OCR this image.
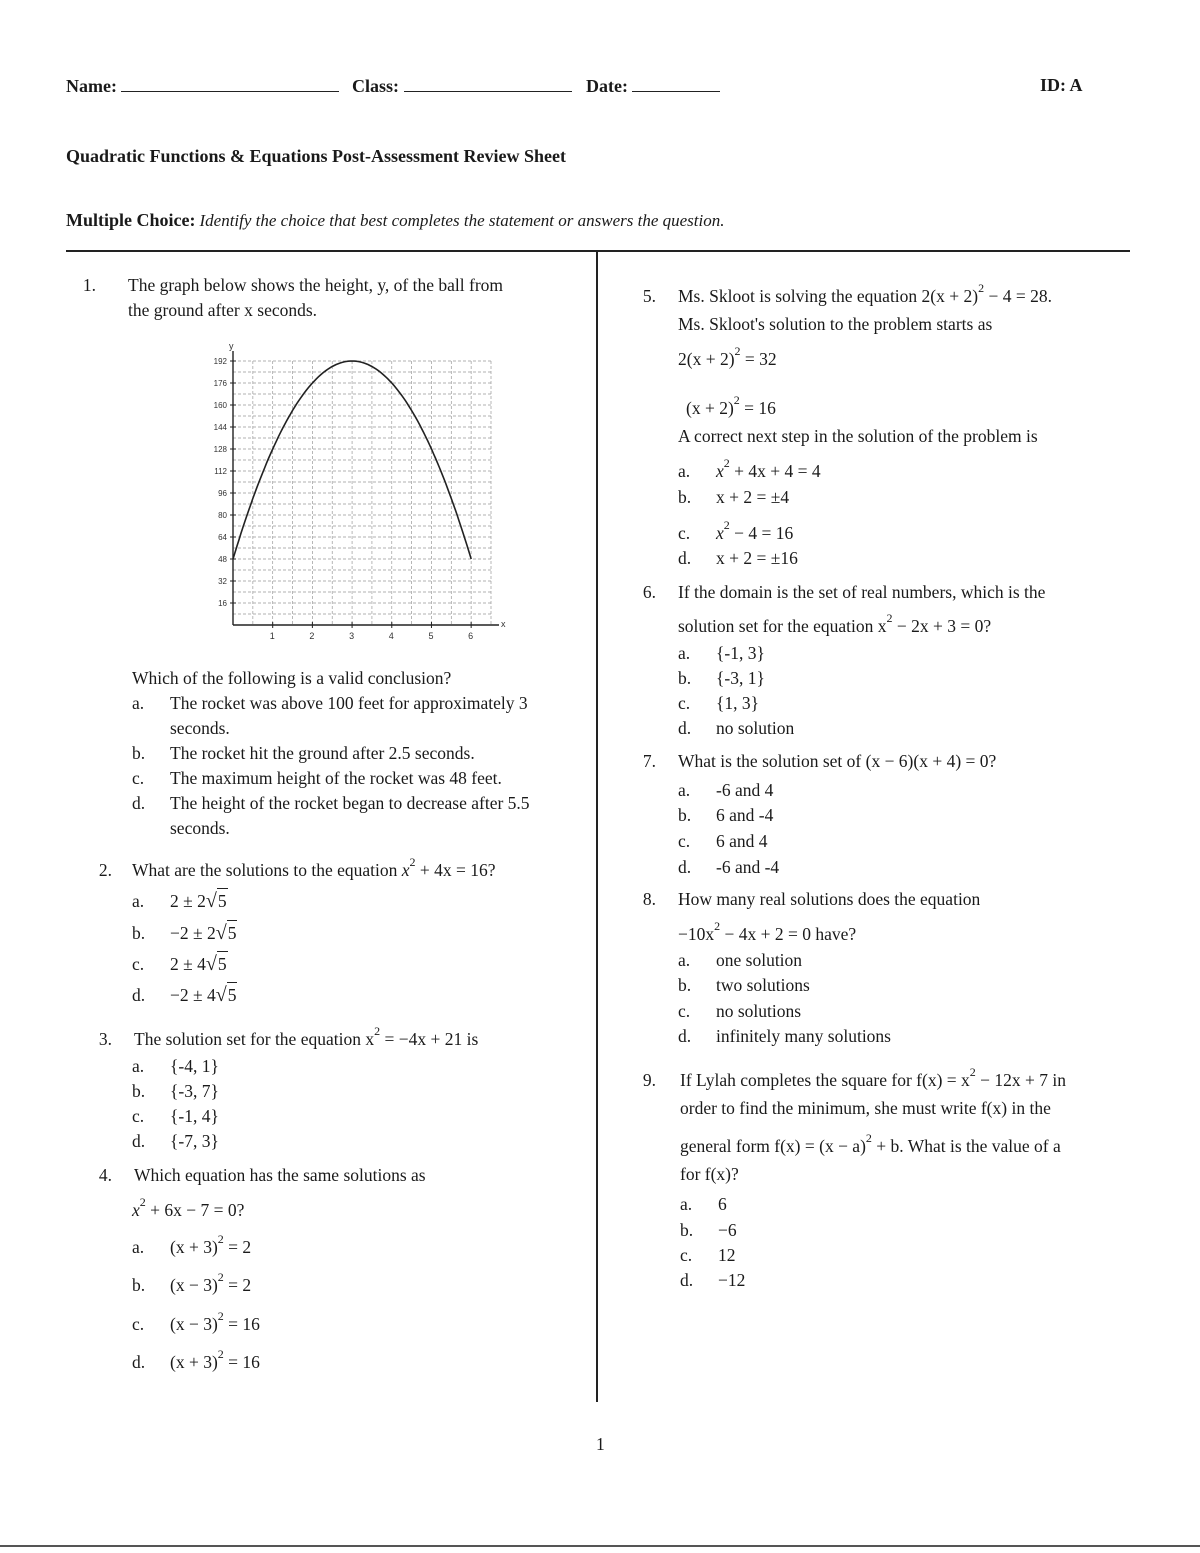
Name:	Class:	Date:	ID: A
Quadratic Functions & Equations Post-Assessment Review Sheet
Multiple Choice: Identify the choice that best completes the statement or answers the question.
1. The graph below shows the height, y, of the ball from
the ground after x seconds.
x
y
1	2	3	4	5	6
16
32
48
64
80
96
112
128
144
160
176
192
Which of the following is a valid conclusion?
a. The rocket was above 100 feet for approximately 3
seconds.
b. The rocket hit the ground after 2.5 seconds.
c. The maximum height of the rocket was 48 feet.
d. The height of the rocket began to decrease after 5.5
seconds.
2. What are the solutions to the equation $x^2 + 4x = 16$?
a. 2 ± 2√5
b. −2 ± 2√5
c. 2 ± 4√5
d. −2 ± 4√5
3. The solution set for the equation $x^2 = -4x + 21$ is
a. {-4, 1}
b. {-3, 7}
c. {-1, 4}
d. {-7, 3}
4. Which equation has the same solutions as
$x^2 + 6x - 7 = 0$?
a. $(x + 3)^2 = 2$
b. $(x - 3)^2 = 2$
c. $(x - 3)^2 = 16$
d. $(x + 3)^2 = 16$
5. Ms. Skloot is solving the equation $2(x + 2)^2 - 4 = 28$.
Ms. Skloot's solution to the problem starts as
$2(x + 2)^2 = 32$
$(x + 2)^2 = 16$
A correct next step in the solution of the problem is
a. $x^2 + 4x + 4 = 4$
b. x + 2 = ±4
c. $x^2 - 4 = 16$
d. x + 2 = ±16
6. If the domain is the set of real numbers, which is the
solution set for the equation $x^2 - 2x + 3 = 0$?
a. {-1, 3}
b. {-3, 1}
c. {1, 3}
d. no solution
7. What is the solution set of (x − 6)(x + 4) = 0?
a. -6 and 4
b. 6 and -4
c. 6 and 4
d. -6 and -4
8. How many real solutions does the equation
$-10x^2 - 4x + 2 = 0$ have?
a. one solution
b. two solutions
c. no solutions
d. infinitely many solutions
9. If Lylah completes the square for $f(x) = x^2 - 12x + 7$ in
order to find the minimum, she must write f(x) in the
general form $f(x) = (x - a)^2 + b$. What is the value of a
for f(x)?
a. 6
b. −6
c. 12
d. −12
1
